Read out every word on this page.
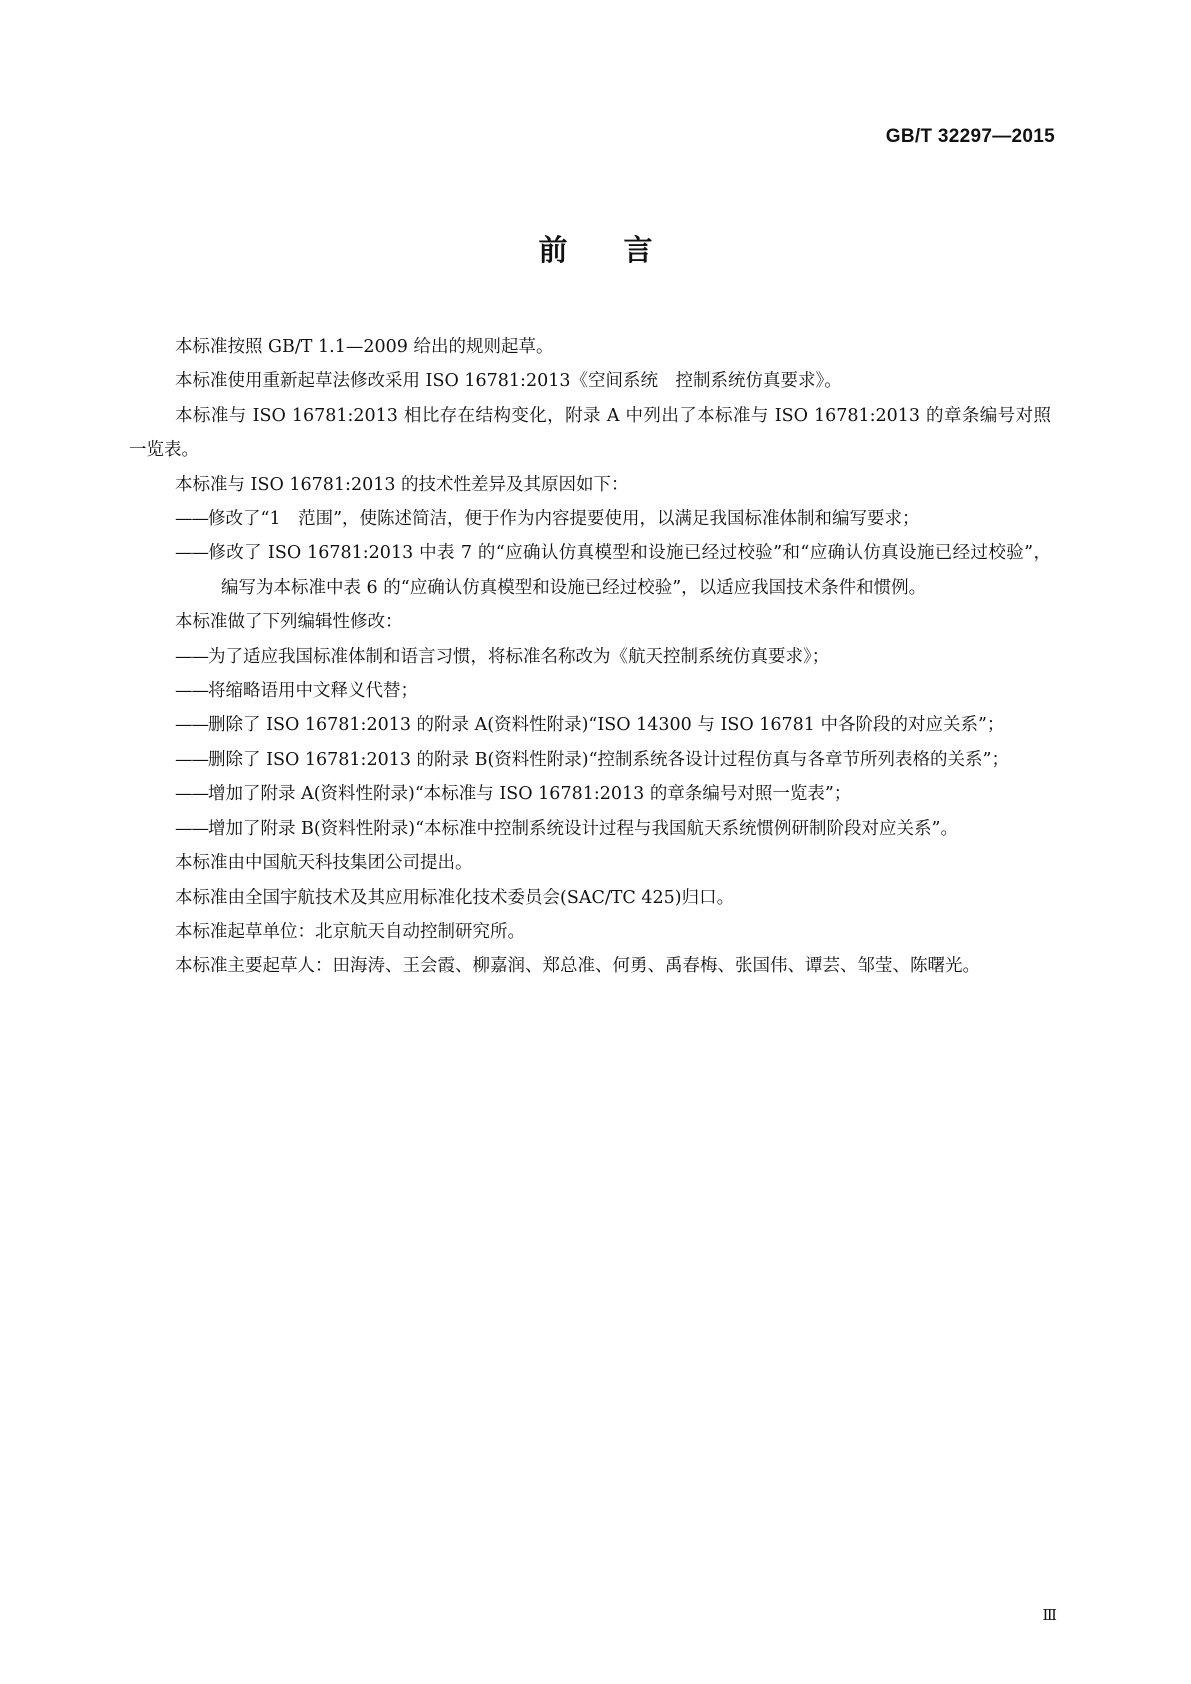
GB/T 32297—2015
前言

本标准按照 GB/T 1.1—2009 给出的规则起草。

本标准使用重新起草法修改采用 ISO 16781:2013《空间系统　控制系统仿真要求》。

本标准与 ISO 16781:2013 相比存在结构变化，附录 A 中列出了本标准与 ISO 16781:2013 的章条编号对照一览表。

本标准与 ISO 16781:2013 的技术性差异及其原因如下：

——修改了“1　范围”，使陈述简洁，便于作为内容提要使用，以满足我国标准体制和编写要求；

——修改了 ISO 16781:2013 中表 7 的“应确认仿真模型和设施已经过校验”和“应确认仿真设施已经过校验”，编写为本标准中表 6 的“应确认仿真模型和设施已经过校验”，以适应我国技术条件和惯例。

本标准做了下列编辑性修改：

——为了适应我国标准体制和语言习惯，将标准名称改为《航天控制系统仿真要求》；

——将缩略语用中文释义代替；

——删除了 ISO 16781:2013 的附录 A(资料性附录)“ISO 14300 与 ISO 16781 中各阶段的对应关系”；

——删除了 ISO 16781:2013 的附录 B(资料性附录)“控制系统各设计过程仿真与各章节所列表格的关系”；

——增加了附录 A(资料性附录)“本标准与 ISO 16781:2013 的章条编号对照一览表”；

——增加了附录 B(资料性附录)“本标准中控制系统设计过程与我国航天系统惯例研制阶段对应关系”。

本标准由中国航天科技集团公司提出。

本标准由全国宇航技术及其应用标准化技术委员会(SAC/TC 425)归口。

本标准起草单位：北京航天自动控制研究所。

本标准主要起草人：田海涛、王会霞、柳嘉润、郑总准、何勇、禹春梅、张国伟、谭芸、邹莹、陈曙光。

Ⅲ
